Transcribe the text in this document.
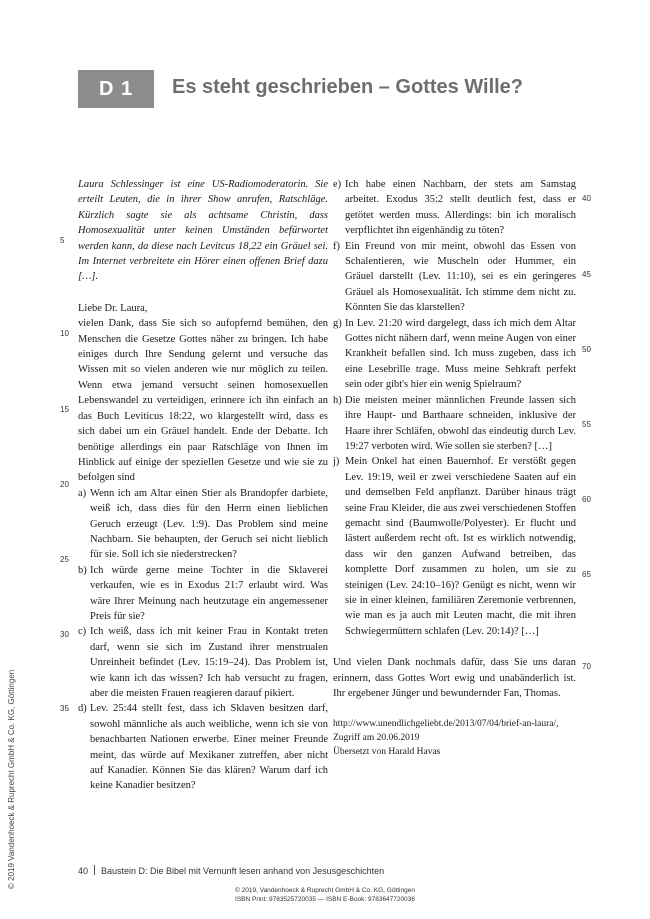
D 1	Es steht geschrieben – Gottes Wille?

Laura Schlessinger ist eine US-Radiomoderatorin. Sie erteilt Leuten, die in ihrer Show anrufen, Ratschläge. Kürzlich sagte sie als achtsame Christin, dass Homosexualität unter keinen Umständen befürwortet werden kann, da diese nach Levitcus 18,22 ein Gräuel sei. Im Internet verbreitete ein Hörer einen offenen Brief dazu […].

Liebe Dr. Laura,

vielen Dank, dass Sie sich so aufopfernd bemühen, den Menschen die Gesetze Gottes näher zu bringen. Ich habe einiges durch Ihre Sendung gelernt und versuche das Wissen mit so vielen anderen wie nur möglich zu teilen. Wenn etwa jemand versucht seinen homosexuellen Lebenswandel zu verteidigen, erinnere ich ihn einfach an das Buch Leviticus 18:22, wo klargestellt wird, dass es sich dabei um ein Gräuel handelt. Ende der Debatte. Ich benötige allerdings ein paar Ratschläge von Ihnen im Hinblick auf einige der speziellen Gesetze und wie sie zu befolgen sind

a) Wenn ich am Altar einen Stier als Brandopfer darbiete, weiß ich, dass dies für den Herrn einen lieblichen Geruch erzeugt (Lev. 1:9). Das Problem sind meine Nachbarn. Sie behaupten, der Geruch sei nicht lieblich für sie. Soll ich sie niederstrecken?
b) Ich würde gerne meine Tochter in die Sklaverei verkaufen, wie es in Exodus 21:7 erlaubt wird. Was wäre Ihrer Meinung nach heutzutage ein angemessener Preis für sie?
c) Ich weiß, dass ich mit keiner Frau in Kontakt treten darf, wenn sie sich im Zustand ihrer menstrualen Unreinheit befindet (Lev. 15:19–24). Das Problem ist, wie kann ich das wissen? Ich hab versucht zu fragen, aber die meisten Frauen reagieren darauf pikiert.
d) Lev. 25:44 stellt fest, dass ich Sklaven besitzen darf, sowohl männliche als auch weibliche, wenn ich sie von benachbarten Nationen erwerbe. Einer meiner Freunde meint, das würde auf Mexikaner zutreffen, aber nicht auf Kanadier. Können Sie das klären? Warum darf ich keine Kanadier besitzen?
e) Ich habe einen Nachbarn, der stets am Samstag arbeitet. Exodus 35:2 stellt deutlich fest, dass er getötet werden muss. Allerdings: bin ich moralisch verpflichtet ihn eigenhändig zu töten?
f) Ein Freund von mir meint, obwohl das Essen von Schalentieren, wie Muscheln oder Hummer, ein Gräuel darstellt (Lev. 11:10), sei es ein geringeres Gräuel als Homosexualität. Ich stimme dem nicht zu. Könnten Sie das klarstellen?
g) In Lev. 21:20 wird dargelegt, dass ich mich dem Altar Gottes nicht nähern darf, wenn meine Augen von einer Krankheit befallen sind. Ich muss zugeben, dass ich eine Lesebrille trage. Muss meine Sehkraft perfekt sein oder gibt's hier ein wenig Spielraum?
h) Die meisten meiner männlichen Freunde lassen sich ihre Haupt- und Barthaare schneiden, inklusive der Haare ihrer Schläfen, obwohl das eindeutig durch Lev. 19:27 verboten wird. Wie sollen sie sterben? […]
j) Mein Onkel hat einen Bauernhof. Er verstößt gegen Lev. 19:19, weil er zwei verschiedene Saaten auf ein und demselben Feld anpflanzt. Darüber hinaus trägt seine Frau Kleider, die aus zwei verschiedenen Stoffen gemacht sind (Baumwolle/Polyester). Er flucht und lästert außerdem recht oft. Ist es wirklich notwendig, dass wir den ganzen Aufwand betreiben, das komplette Dorf zusammen zu holen, um sie zu steinigen (Lev. 24:10–16)? Genügt es nicht, wenn wir sie in einer kleinen, familiären Zeremonie verbrennen, wie man es ja auch mit Leuten macht, die mit ihren Schwiegermüttern schlafen (Lev. 20:14)? […]

Und vielen Dank nochmals dafür, dass Sie uns daran erinnern, dass Gottes Wort ewig und unabänderlich ist. Ihr ergebener Jünger und bewundernder Fan, Thomas.

http://www.unendlichgeliebt.de/2013/07/04/brief-an-laura/, Zugriff am 20.06.2019

Übersetzt von Harald Havas

5
10
15
20
25
30
35
40
45
50
55
60
65
70
© 2019 Vandenhoeck & Ruprecht GmbH & Co. KG, Göttingen	40 Baustein D: Die Bibel mit Vernunft lesen anhand von Jesusgeschichten
© 2019, Vandenhoeck & Ruprecht GmbH & Co. KG, Göttingen
ISBN Print: 9783525720035 — ISBN E-Book: 9783647720036
